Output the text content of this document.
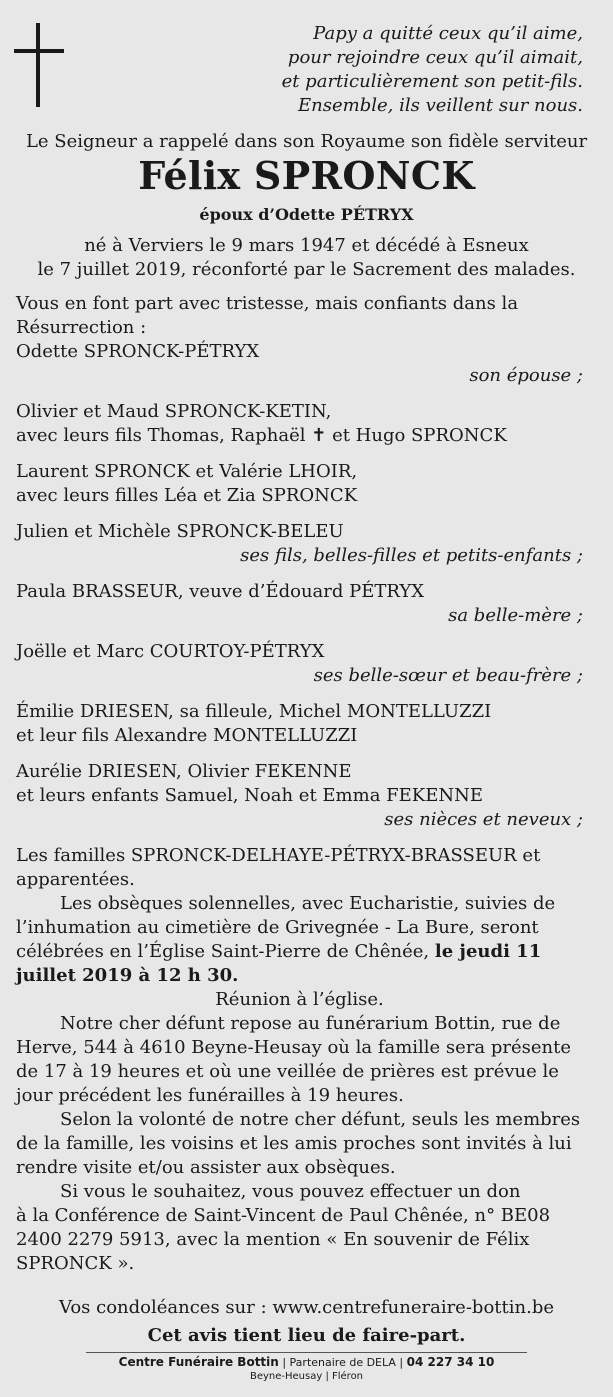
Papy a quitté ceux qu’il aime,
pour rejoindre ceux qu’il aimait,
et particulièrement son petit-fils.
Ensemble, ils veillent sur nous.
Le Seigneur a rappelé dans son Royaume son fidèle serviteur
Félix SPRONCK
époux d’Odette PÉTRYX
né à Verviers le 9 mars 1947 et décédé à Esneux
le 7 juillet 2019, réconforté par le Sacrement des malades.

Vous en font part avec tristesse, mais confiants dans la Résurrection :

Odette SPRONCK-PÉTRYX

son épouse ;

Olivier et Maud SPRONCK-KETIN,

avec leurs fils Thomas, Raphaël ✝ et Hugo SPRONCK

Laurent SPRONCK et Valérie LHOIR,

avec leurs filles Léa et Zia SPRONCK

Julien et Michèle SPRONCK-BELEU

ses fils, belles-filles et petits-enfants ;

Paula BRASSEUR, veuve d’Édouard PÉTRYX

sa belle-mère ;

Joëlle et Marc COURTOY-PÉTRYX

ses belle-sœur et beau-frère ;

Émilie DRIESEN, sa filleule, Michel MONTELLUZZI

et leur fils Alexandre MONTELLUZZI

Aurélie DRIESEN, Olivier FEKENNE

et leurs enfants Samuel, Noah et Emma FEKENNE

ses nièces et neveux ;

Les familles SPRONCK-DELHAYE-PÉTRYX-BRASSEUR et apparentées.

Les obsèques solennelles, avec Eucharistie, suivies de l’inhumation au cimetière de Grivegnée - La Bure, seront célébrées en l’Église Saint-Pierre de Chênée, le jeudi 11 juillet 2019 à 12 h 30.

Réunion à l’église.

Notre cher défunt repose au funérarium Bottin, rue de Herve, 544 à 4610 Beyne-Heusay où la famille sera présente de 17 à 19 heures et où une veillée de prières est prévue le jour précédent les funérailles à 19 heures.

Selon la volonté de notre cher défunt, seuls les membres de la famille, les voisins et les amis proches sont invités à lui rendre visite et/ou assister aux obsèques.

Si vous le souhaitez, vous pouvez effectuer un don

à la Conférence de Saint-Vincent de Paul Chênée, n° BE08 2400 2279 5913, avec la mention « En souvenir de Félix SPRONCK ».

Vos condoléances sur : www.centrefuneraire-bottin.be
Cet avis tient lieu de faire-part.
Centre Funéraire Bottin | Partenaire de DELA | 04 227 34 10
Beyne-Heusay | Fléron
